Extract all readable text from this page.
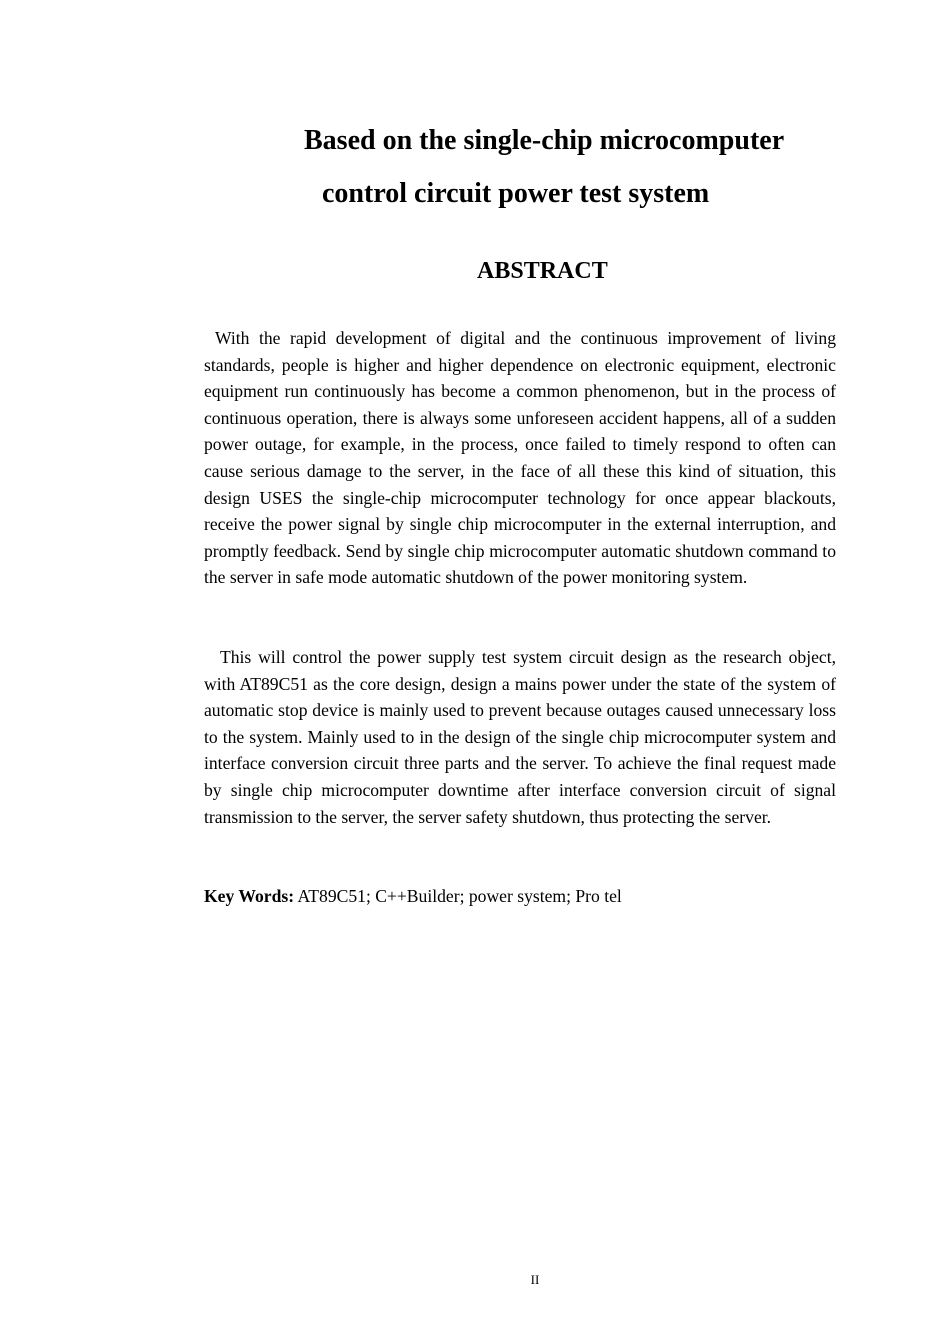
Based on the single-chip microcomputer
control circuit power test system
ABSTRACT

With the rapid development of digital and the continuous improvement of living standards, people is higher and higher dependence on electronic equipment, electronic equipment run continuously has become a common phenomenon, but in the process of continuous operation, there is always some unforeseen accident happens, all of a sudden power outage, for example, in the process, once failed to timely respond to often can cause serious damage to the server, in the face of all these this kind of situation, this design USES the single-chip microcomputer technology for once appear blackouts, receive the power signal by single chip microcomputer in the external interruption, and promptly feedback. Send by single chip microcomputer automatic shutdown command to the server in safe mode automatic shutdown of the power monitoring system.

This will control the power supply test system circuit design as the research object, with AT89C51 as the core design, design a mains power under the state of the system of automatic stop device is mainly used to prevent because outages caused unnecessary loss to the system. Mainly used to in the design of the single chip microcomputer system and interface conversion circuit three parts and the server. To achieve the final request made by single chip microcomputer downtime after interface conversion circuit of signal transmission to the server, the server safety shutdown, thus protecting the server.

Key Words: AT89C51; C++Builder; power system; Pro tel
II
